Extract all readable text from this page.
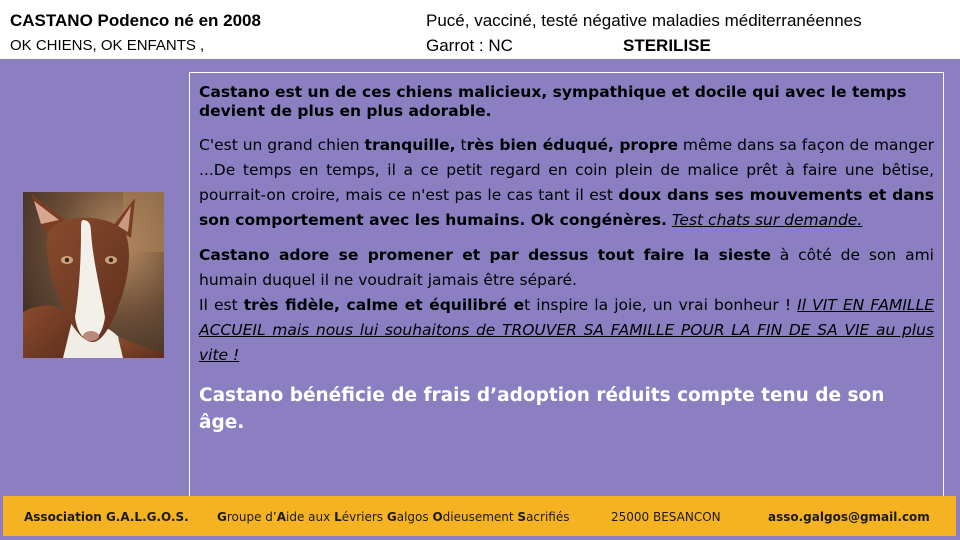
CASTANO Podenco né en 2008
OK CHIENS, OK ENFANTS ,
Pucé, vacciné, testé négative maladies méditerranéennes
Garrot : NC	STERILISE

Castano est un de ces chiens malicieux, sympathique et docile qui avec le temps devient de plus en plus adorable.

C'est un grand chien tranquille, très bien éduqué, propre même dans sa façon de manger ...De temps en temps, il a ce petit regard en coin plein de malice prêt à faire une bêtise, pourrait-on croire, mais ce n'est pas le cas tant il est doux dans ses mouvements et dans son comportement avec les humains. Ok congénères. Test chats sur demande.

Castano adore se promener et par dessus tout faire la sieste à côté de son ami humain duquel il ne voudrait jamais être séparé.
Il est très fidèle, calme et équilibré et inspire la joie, un vrai bonheur ! Il VIT EN FAMILLE ACCUEIL mais nous lui souhaitons de TROUVER SA FAMILLE POUR LA FIN DE SA VIE au plus vite !

Castano bénéficie de frais d’adoption réduits compte tenu de son âge.

Association G.A.L.G.O.S. Groupe d’Aide aux Lévriers Galgos Odieusement Sacrifiés	25000 BESANCON	asso.galgos@gmail.com
